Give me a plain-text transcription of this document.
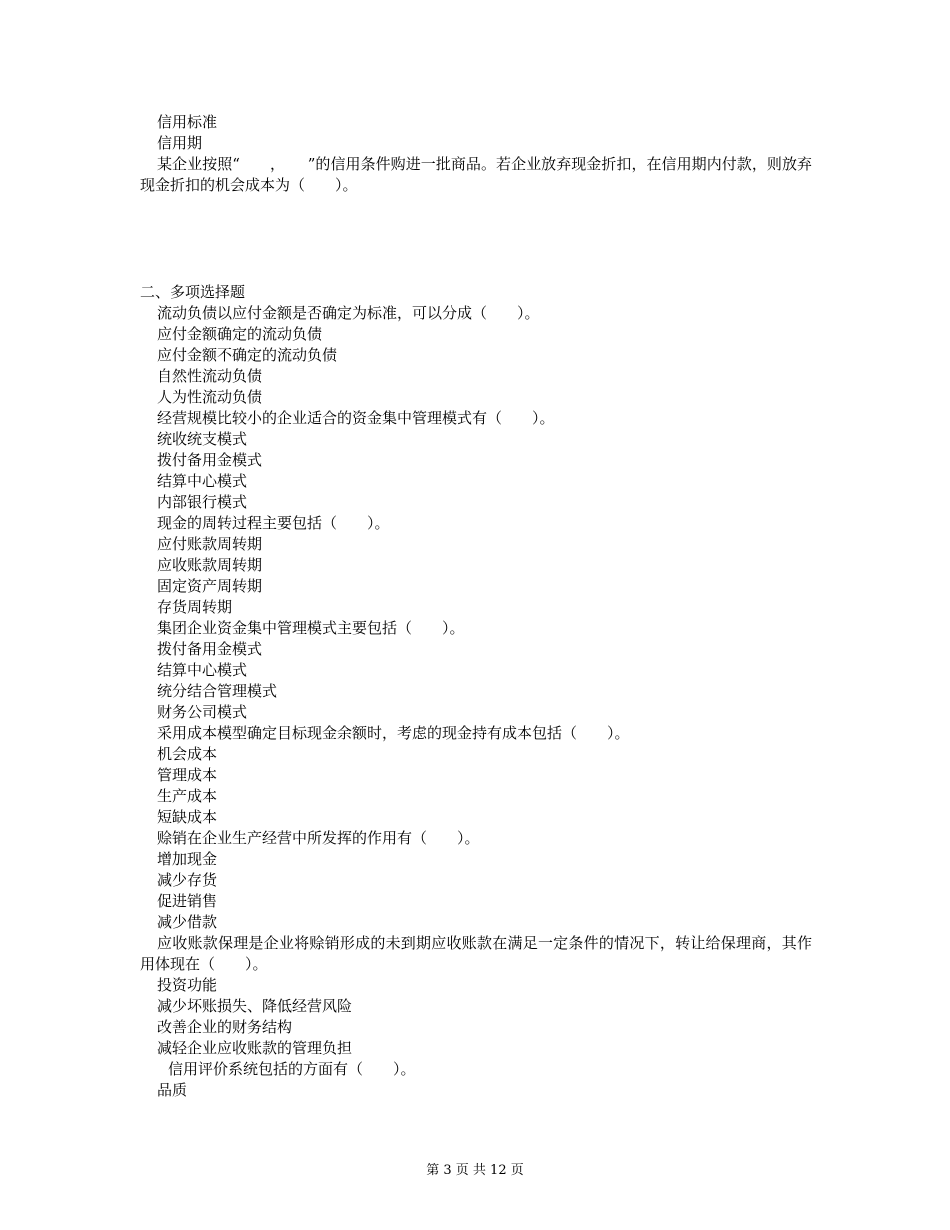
信用标准
信用期
某企业按照“　　，　　”的信用条件购进一批商品。若企业放弃现金折扣，在信用期内付款，则放弃现金折扣的机会成本为（　　）。
二、多项选择题
流动负债以应付金额是否确定为标准，可以分成（　　）。
应付金额确定的流动负债
应付金额不确定的流动负债
自然性流动负债
人为性流动负债
经营规模比较小的企业适合的资金集中管理模式有（　　）。
统收统支模式
拨付备用金模式
结算中心模式
内部银行模式
现金的周转过程主要包括（　　）。
应付账款周转期
应收账款周转期
固定资产周转期
存货周转期
集团企业资金集中管理模式主要包括（　　）。
拨付备用金模式
结算中心模式
统分结合管理模式
财务公司模式
采用成本模型确定目标现金余额时，考虑的现金持有成本包括（　　）。
机会成本
管理成本
生产成本
短缺成本
赊销在企业生产经营中所发挥的作用有（　　）。
增加现金
减少存货
促进销售
减少借款
应收账款保理是企业将赊销形成的未到期应收账款在满足一定条件的情况下，转让给保理商，其作用体现在（　　）。
投资功能
减少坏账损失、降低经营风险
改善企业的财务结构
减轻企业应收账款的管理负担
信用评价系统包括的方面有（　　）。
品质
第 3 页 共 12 页
